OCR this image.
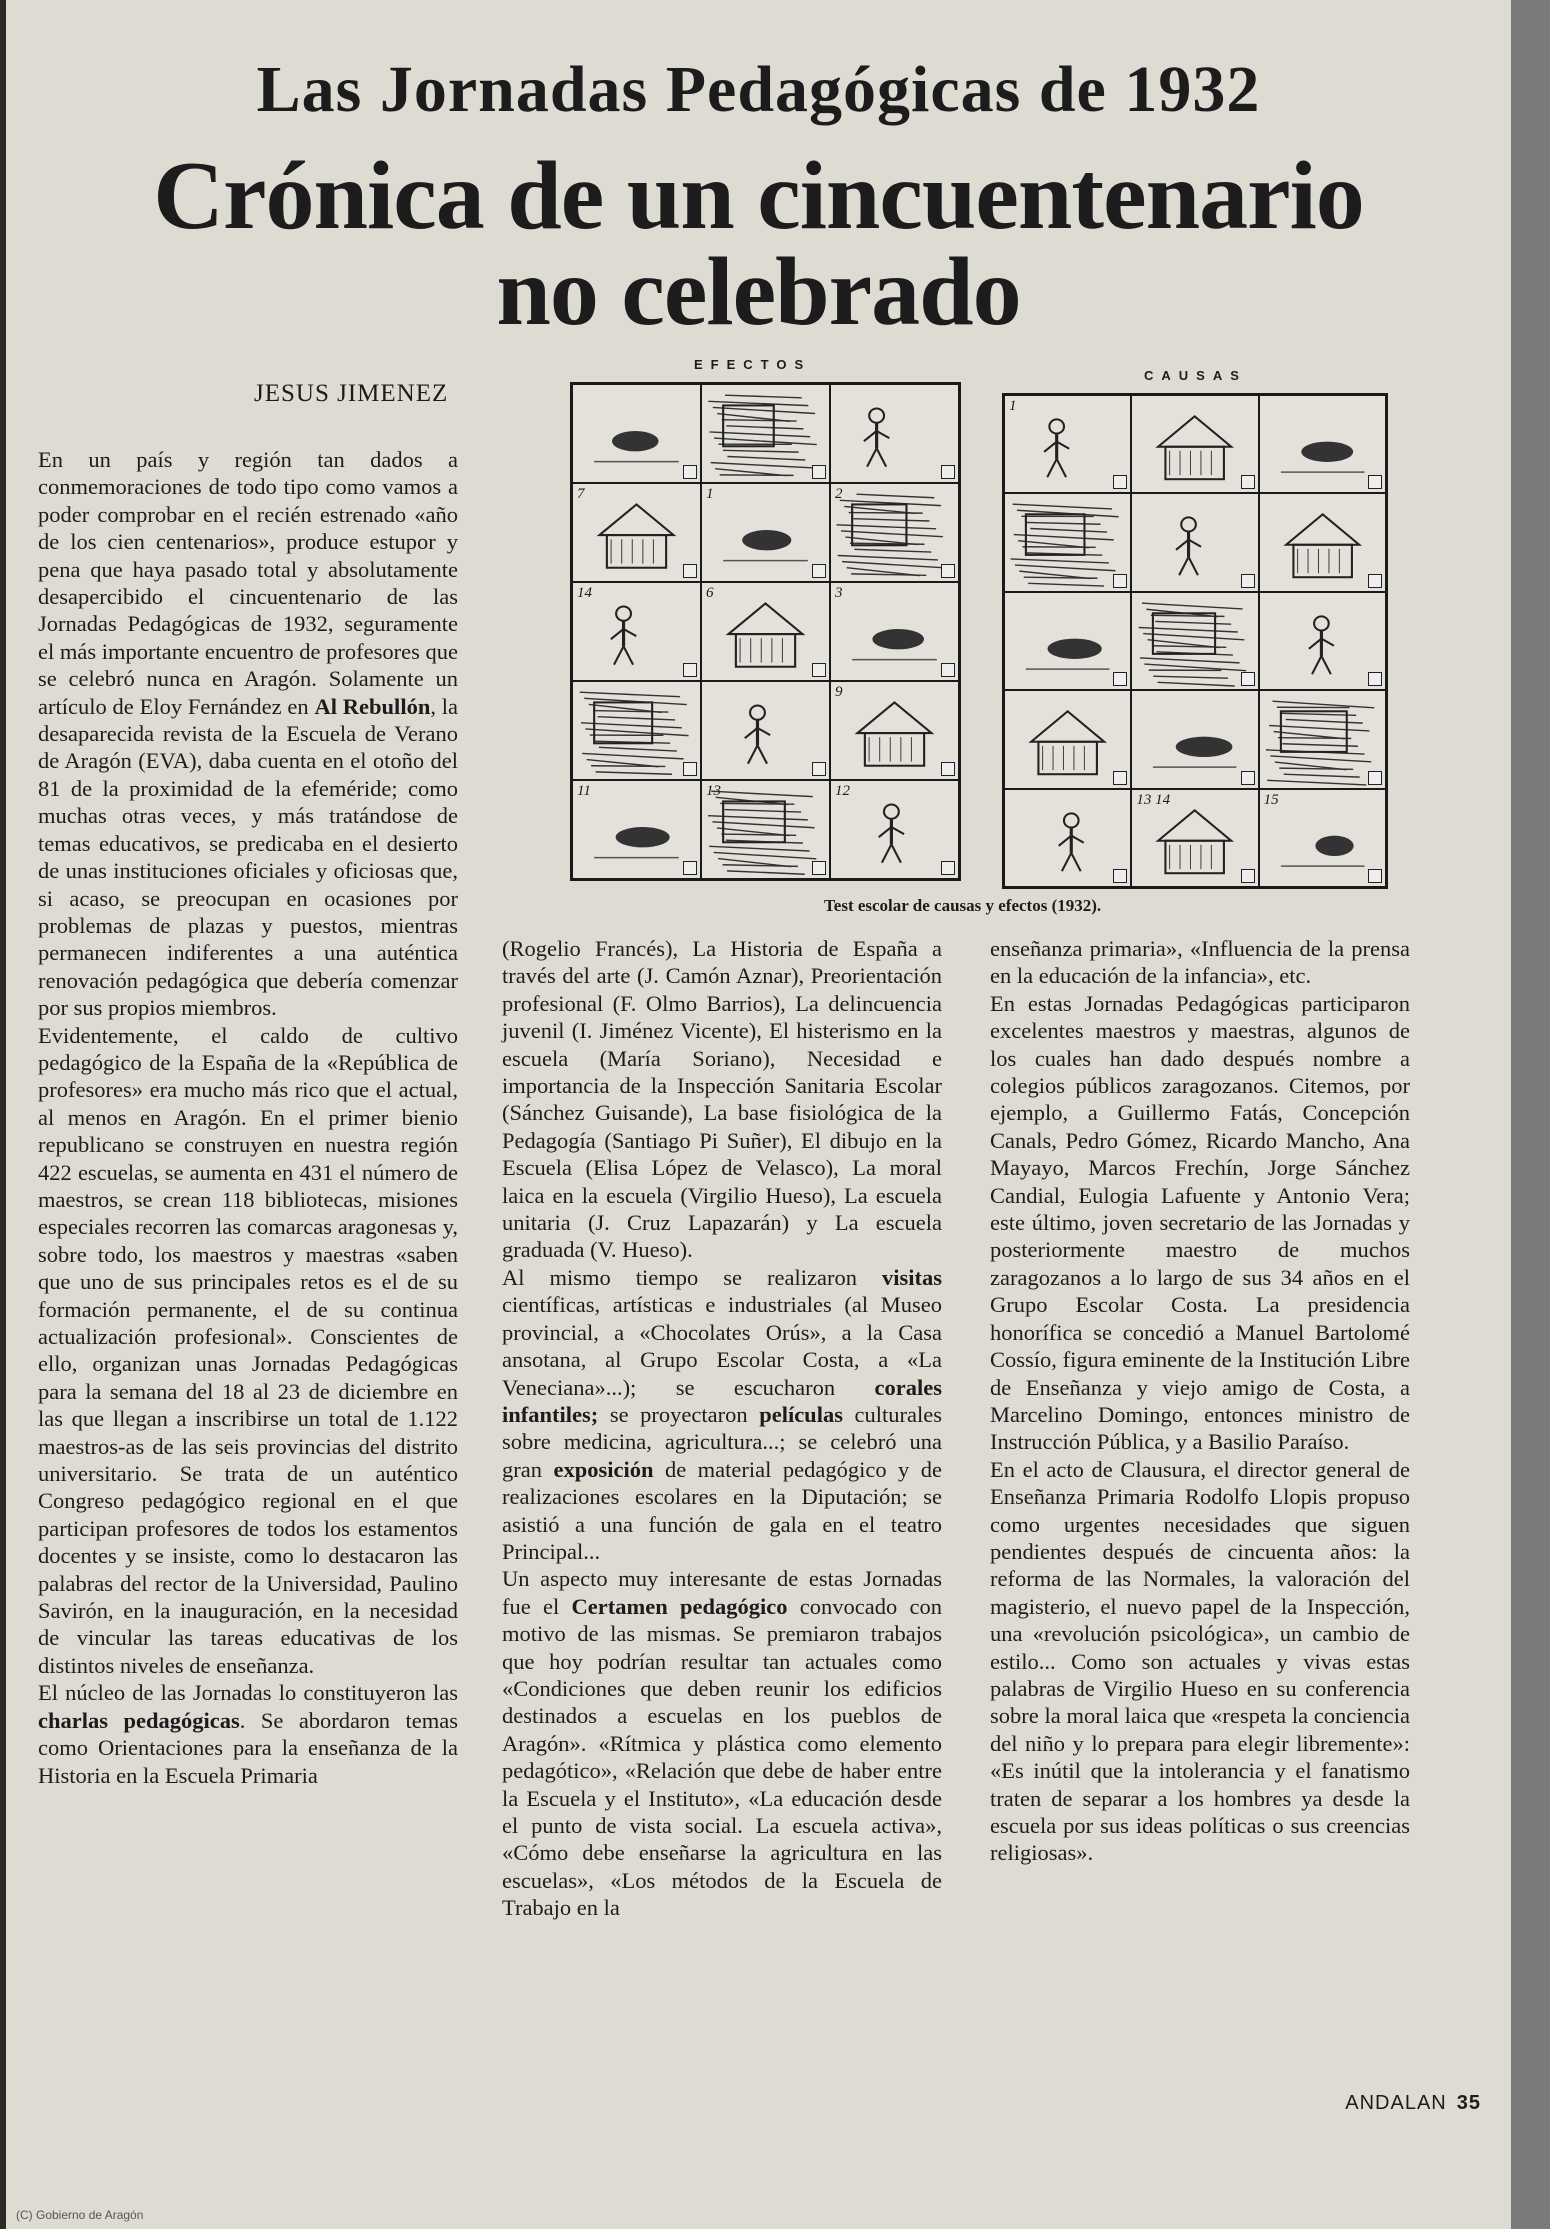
Las Jornadas Pedagógicas de 1932
Crónica de un cincuentenario
no celebrado
JESUS JIMENEZ

En un país y región tan dados a conmemoraciones de todo tipo como vamos a poder comprobar en el recién estrenado «año de los cien centenarios», produce estupor y pena que haya pasado total y absolutamente desapercibido el cincuentenario de las Jornadas Pedagógicas de 1932, seguramente el más importante encuentro de profesores que se celebró nunca en Aragón. Solamente un artículo de Eloy Fernández en Al Rebullón, la desaparecida revista de la Escuela de Verano de Aragón (EVA), daba cuenta en el otoño del 81 de la proximidad de la efeméride; como muchas otras veces, y más tratándose de temas educativos, se predicaba en el desierto de unas instituciones oficiales y oficiosas que, si acaso, se preocupan en ocasiones por problemas de plazas y puestos, mientras permanecen indiferentes a una auténtica renovación pedagógica que debería comenzar por sus propios miembros.

Evidentemente, el caldo de cultivo pedagógico de la España de la «República de profesores» era mucho más rico que el actual, al menos en Aragón. En el primer bienio republicano se construyen en nuestra región 422 escuelas, se aumenta en 431 el número de maestros, se crean 118 bibliotecas, misiones especiales recorren las comarcas aragonesas y, sobre todo, los maestros y maestras «saben que uno de sus principales retos es el de su formación permanente, el de su continua actualización profesional». Conscientes de ello, organizan unas Jornadas Pedagógicas para la semana del 18 al 23 de diciembre en las que llegan a inscribirse un total de 1.122 maestros-as de las seis provincias del distrito universitario. Se trata de un auténtico Congreso pedagógico regional en el que participan profesores de todos los estamentos docentes y se insiste, como lo destacaron las palabras del rector de la Universidad, Paulino Savirón, en la inauguración, en la necesidad de vincular las tareas educativas de los distintos niveles de enseñanza.

El núcleo de las Jornadas lo constituyeron las charlas pedagógicas. Se abordaron temas como Orientaciones para la enseñanza de la Historia en la Escuela Primaria

EFECTOS
CAUSAS
7	1	2
14	6	3
9
11	13	12
1
13 14	15
Test escolar de causas y efectos (1932).

(Rogelio Francés), La Historia de España a través del arte (J. Camón Aznar), Preorientación profesional (F. Olmo Barrios), La delincuencia juvenil (I. Jiménez Vicente), El histerismo en la escuela (María Soriano), Necesidad e importancia de la Inspección Sanitaria Escolar (Sánchez Guisande), La base fisiológica de la Pedagogía (Santiago Pi Suñer), El dibujo en la Escuela (Elisa López de Velasco), La moral laica en la escuela (Virgilio Hueso), La escuela unitaria (J. Cruz Lapazarán) y La escuela graduada (V. Hueso).

Al mismo tiempo se realizaron visitas científicas, artísticas e industriales (al Museo provincial, a «Chocolates Orús», a la Casa ansotana, al Grupo Escolar Costa, a «La Veneciana»...); se escucharon corales infantiles; se proyectaron películas culturales sobre medicina, agricultura...; se celebró una gran exposición de material pedagógico y de realizaciones escolares en la Diputación; se asistió a una función de gala en el teatro Principal...

Un aspecto muy interesante de estas Jornadas fue el Certamen pedagógico convocado con motivo de las mismas. Se premiaron trabajos que hoy podrían resultar tan actuales como «Condiciones que deben reunir los edificios destinados a escuelas en los pueblos de Aragón». «Rítmica y plástica como elemento pedagótico», «Relación que debe de haber entre la Escuela y el Instituto», «La educación desde el punto de vista social. La escuela activa», «Cómo debe enseñarse la agricultura en las escuelas», «Los métodos de la Escuela de Trabajo en la

enseñanza primaria», «Influencia de la prensa en la educación de la infancia», etc.

En estas Jornadas Pedagógicas participaron excelentes maestros y maestras, algunos de los cuales han dado después nombre a colegios públicos zaragozanos. Citemos, por ejemplo, a Guillermo Fatás, Concepción Canals, Pedro Gómez, Ricardo Mancho, Ana Mayayo, Marcos Frechín, Jorge Sánchez Candial, Eulogia Lafuente y Antonio Vera; este último, joven secretario de las Jornadas y posteriormente maestro de muchos zaragozanos a lo largo de sus 34 años en el Grupo Escolar Costa. La presidencia honorífica se concedió a Manuel Bartolomé Cossío, figura eminente de la Institución Libre de Enseñanza y viejo amigo de Costa, a Marcelino Domingo, entonces ministro de Instrucción Pública, y a Basilio Paraíso.

En el acto de Clausura, el director general de Enseñanza Primaria Rodolfo Llopis propuso como urgentes necesidades que siguen pendientes después de cincuenta años: la reforma de las Normales, la valoración del magisterio, el nuevo papel de la Inspección, una «revolución psicológica», un cambio de estilo... Como son actuales y vivas estas palabras de Virgilio Hueso en su conferencia sobre la moral laica que «respeta la conciencia del niño y lo prepara para elegir libremente»: «Es inútil que la intolerancia y el fanatismo traten de separar a los hombres ya desde la escuela por sus ideas políticas o sus creencias religiosas».

ANDALAN 35
(C) Gobierno de Aragón
